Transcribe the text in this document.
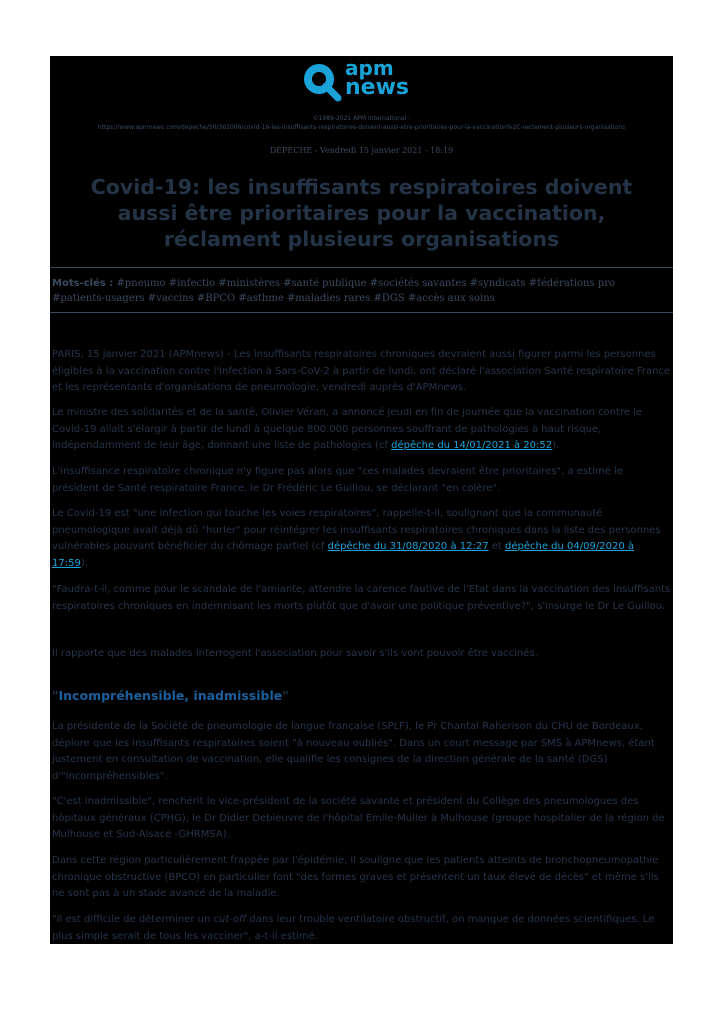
apm
news
©1989-2021 APM International -
https://www.apmnews.com/depeche/50/362006/covid-19-les-insuffisants-respiratoires-doivent-aussi-etre-prioritaires-pour-la-vaccination%2C-reclament-plusieurs-organisations
DÉPÊCHE - Vendredi 15 janvier 2021 - 18:19
Covid-19: les insuffisants respiratoires doivent aussi être prioritaires pour la vaccination, réclament plusieurs organisations
Mots-clés : #pneumo #infectio #ministères #santé publique #sociétés savantes #syndicats #fédérations pro #patients-usagers #vaccins #BPCO #asthme #maladies rares #DGS #accès aux soins
PARIS, 15 janvier 2021 (APMnews) - Les insuffisants respiratoires chroniques devraient aussi figurer parmi les personnes éligibles à la vaccination contre l'infection à Sars-CoV-2 à partir de lundi, ont déclaré l'association Santé respiratoire France et les représentants d'organisations de pneumologie, vendredi auprès d'APMnews.
Le ministre des solidarités et de la santé, Olivier Véran, a annoncé jeudi en fin de journée que la vaccination contre le Covid-19 allait s'élargir à partir de lundi à quelque 800.000 personnes souffrant de pathologies à haut risque, indépendamment de leur âge, donnant une liste de pathologies (cf dépêche du 14/01/2021 à 20:52).
L'insuffisance respiratoire chronique n'y figure pas alors que "ces malades devraient être prioritaires", a estimé le président de Santé respiratoire France, le Dr Frédéric Le Guillou, se déclarant "en colère".
Le Covid-19 est "une infection qui touche les voies respiratoires", rappelle-t-il, soulignant que la communauté pneumologique avait déjà dû "hurler" pour réintégrer les insuffisants respiratoires chroniques dans la liste des personnes vulnérables pouvant bénéficier du chômage partiel (cf dépêche du 31/08/2020 à 12:27 et dépêche du 04/09/2020 à 17:59).
"Faudra-t-il, comme pour le scandale de l'amiante, attendre la carence fautive de l'Etat dans la vaccination des insuffisants respiratoires chroniques en indemnisant les morts plutôt que d'avoir une politique préventive?", s'insurge le Dr Le Guillou.
Il rapporte que des malades interrogent l'association pour savoir s'ils vont pouvoir être vaccinés.
"Incompréhensible, inadmissible"
La présidente de la Société de pneumologie de langue française (SPLF), le Pr Chantal Raherison du CHU de Bordeaux, déplore que les insuffisants respiratoires soient "à nouveau oubliés". Dans un court message par SMS à APMnews, étant justement en consultation de vaccination, elle qualifie les consignes de la direction générale de la santé (DGS) d'"incompréhensibles".
"C'est inadmissible", renchérit le vice-président de la société savante et président du Collège des pneumologues des hôpitaux généraux (CPHG), le Dr Didier Debieuvre de l'hôpital Emile-Muller à Mulhouse (groupe hospitalier de la région de Mulhouse et Sud-Alsace -GHRMSA).
Dans cette région particulièrement frappée par l'épidémie, il souligne que les patients atteints de bronchopneumopathie chronique obstructive (BPCO) en particulier font "des formes graves et présentent un taux élevé de décès" et même s'ils ne sont pas à un stade avancé de la maladie.
"Il est difficile de déterminer un cut-off dans leur trouble ventilatoire obstructif, on manque de données scientifiques. Le plus simple serait de tous les vacciner", a-t-il estimé.
